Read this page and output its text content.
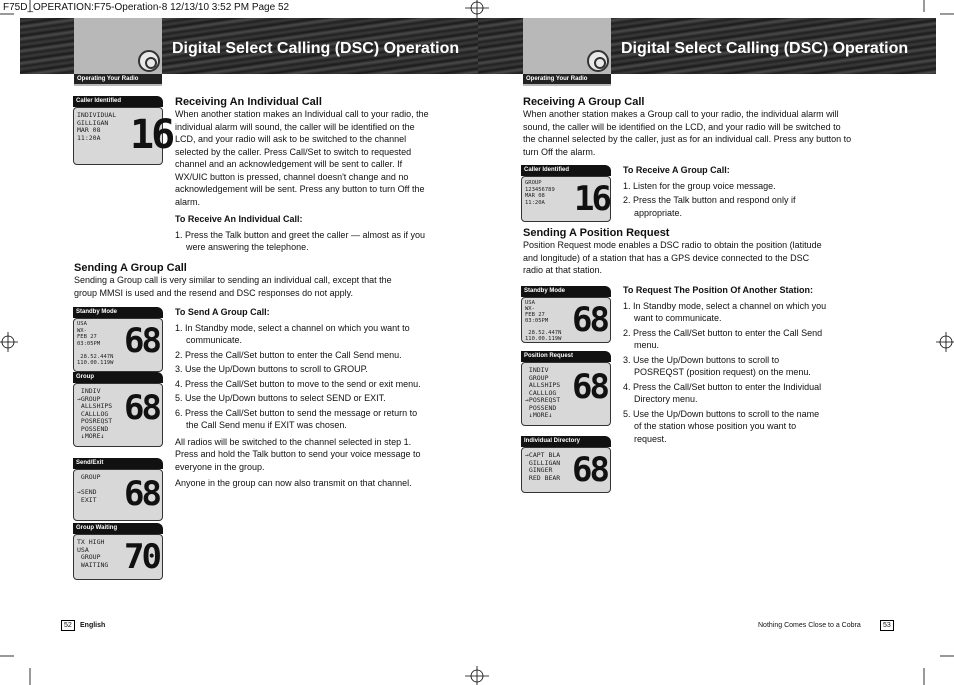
F75D_OPERATION:F75-Operation-8 12/13/10 3:52 PM Page 52
Operating Your Radio
Digital Select Calling (DSC) Operation
Operating Your Radio
Digital Select Calling (DSC) Operation
Caller Identified
INDIVIDUAL
GILLIGAN
MAR 08
11:20A 16
Standby Mode
USA
WX-
FEB 27
03:05PM

28.52.447N
110.00.119W
68
Group
INDIV
→GROUP
ALLSHIPS
CALLLOG
POSREQST
POSSEND
↓MORE↓
68
Send/Exit
GROUP

→SEND
EXIT 68
Group Waiting
TX HIGH
USA
GROUP
WAITING 70
Receiving An Individual Call

When another station makes an Individual call to your radio, the individual alarm will sound, the caller will be identified on the LCD, and your radio will ask to be switched to the channel selected by the caller. Press Call/Set to switch to requested channel and an acknowledgement will be sent to caller. If WX/UIC button is pressed, channel doesn't change and no acknowledgement will be sent. Press any button to turn Off the alarm.

To Receive An Individual Call:

1. Press the Talk button and greet the caller — almost as if you were answering the telephone.
Sending A Group Call

Sending a Group call is very similar to sending an individual call, except that the group MMSI is used and the resend and DSC responses do not apply.

To Send A Group Call:

1. In Standby mode, select a channel on which you want to communicate.
2. Press the Call/Set button to enter the Call Send menu.
3. Use the Up/Down buttons to scroll to GROUP.
4. Press the Call/Set button to move to the send or exit menu.
5. Use the Up/Down buttons to select SEND or EXIT.
6. Press the Call/Set button to send the message or return to the Call Send menu if EXIT was chosen.

All radios will be switched to the channel selected in step 1. Press and hold the Talk button to send your voice message to everyone in the group.

Anyone in the group can now also transmit on that channel.

52	English
Caller Identified
GROUP
123456789
MAR 08
11:20A 16
Standby Mode
USA
WX-
FEB 27
03:05PM

28.52.447N
110.00.119W 68
Position Request
INDIV
GROUP
ALLSHIPS
CALLLOG
→POSREQST
POSSEND
↓MORE↓
68
Individual Directory
→CAPT BLA
GILLIGAN
GINGER
RED BEAR 68
Receiving A Group Call

When another station makes a Group call to your radio, the individual alarm will sound, the caller will be identified on the LCD, and your radio will be switched to the channel selected by the caller, just as for an individual call. Press any button to turn Off the alarm.

To Receive A Group Call:

1. Listen for the group voice message.
2. Press the Talk button and respond only if appropriate.
Sending A Position Request

Position Request mode enables a DSC radio to obtain the position (latitude and longitude) of a station that has a GPS device connected to the DSC radio at that station.

To Request The Position Of Another Station:

1. In Standby mode, select a channel on which you want to communicate.
2. Press the Call/Set button to enter the Call Send menu.
3. Use the Up/Down buttons to scroll to POSREQST (position request) on the menu.
4. Press the Call/Set button to enter the Individual Directory menu.
5. Use the Up/Down buttons to scroll to the name of the station whose position you want to request.
Nothing Comes Close to a Cobra	53
